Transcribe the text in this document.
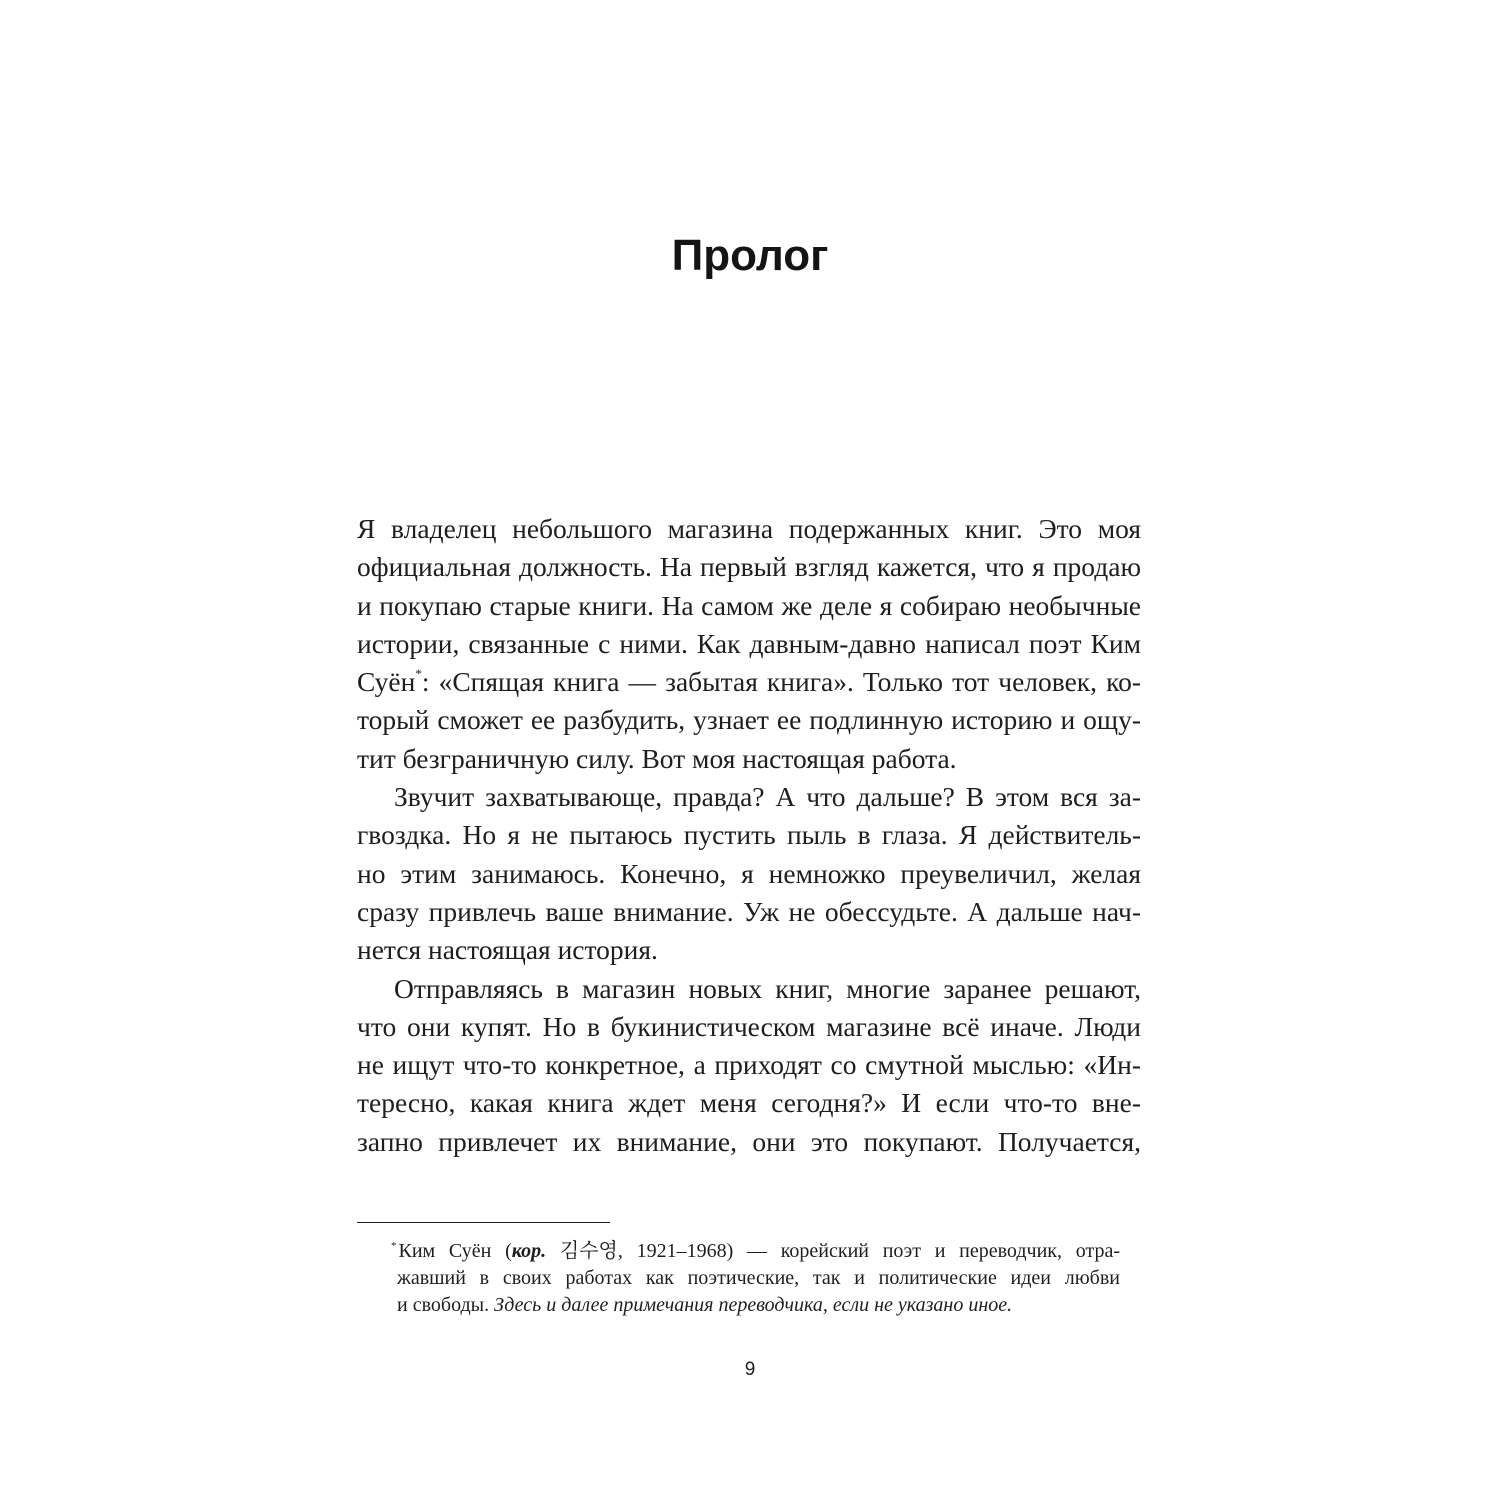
Пролог
Я владелец небольшого магазина подержанных книг. Это моя
официальная должность. На первый взгляд кажется, что я продаю
и покупаю старые книги. На самом же деле я собираю необычные
истории, связанные с ними. Как давным-давно написал поэт Ким
Суён*: «Спящая книга — забытая книга». Только тот человек, ко-
торый сможет ее разбудить, узнает ее подлинную историю и ощу-
тит безграничную силу. Вот моя настоящая работа.
Звучит захватывающе, правда? А что дальше? В этом вся за-
гвоздка. Но я не пытаюсь пустить пыль в глаза. Я действитель-
но этим занимаюсь. Конечно, я немножко преувеличил, желая
сразу привлечь ваше внимание. Уж не обессудьте. А дальше нач-
нется настоящая история.
Отправляясь в магазин новых книг, многие заранее решают,
что они купят. Но в букинистическом магазине всё иначе. Люди
не ищут что-то конкретное, а приходят со смутной мыслью: «Ин-
тересно, какая книга ждет меня сегодня?» И если что-то вне-
запно привлечет их внимание, они это покупают. Получается,
* Ким Суён (кор. 김수영, 1921–1968) — корейский поэт и переводчик, отра-
жавший в своих работах как поэтические, так и политические идеи любви
и свободы. Здесь и далее примечания переводчика, если не указано иное.

9
